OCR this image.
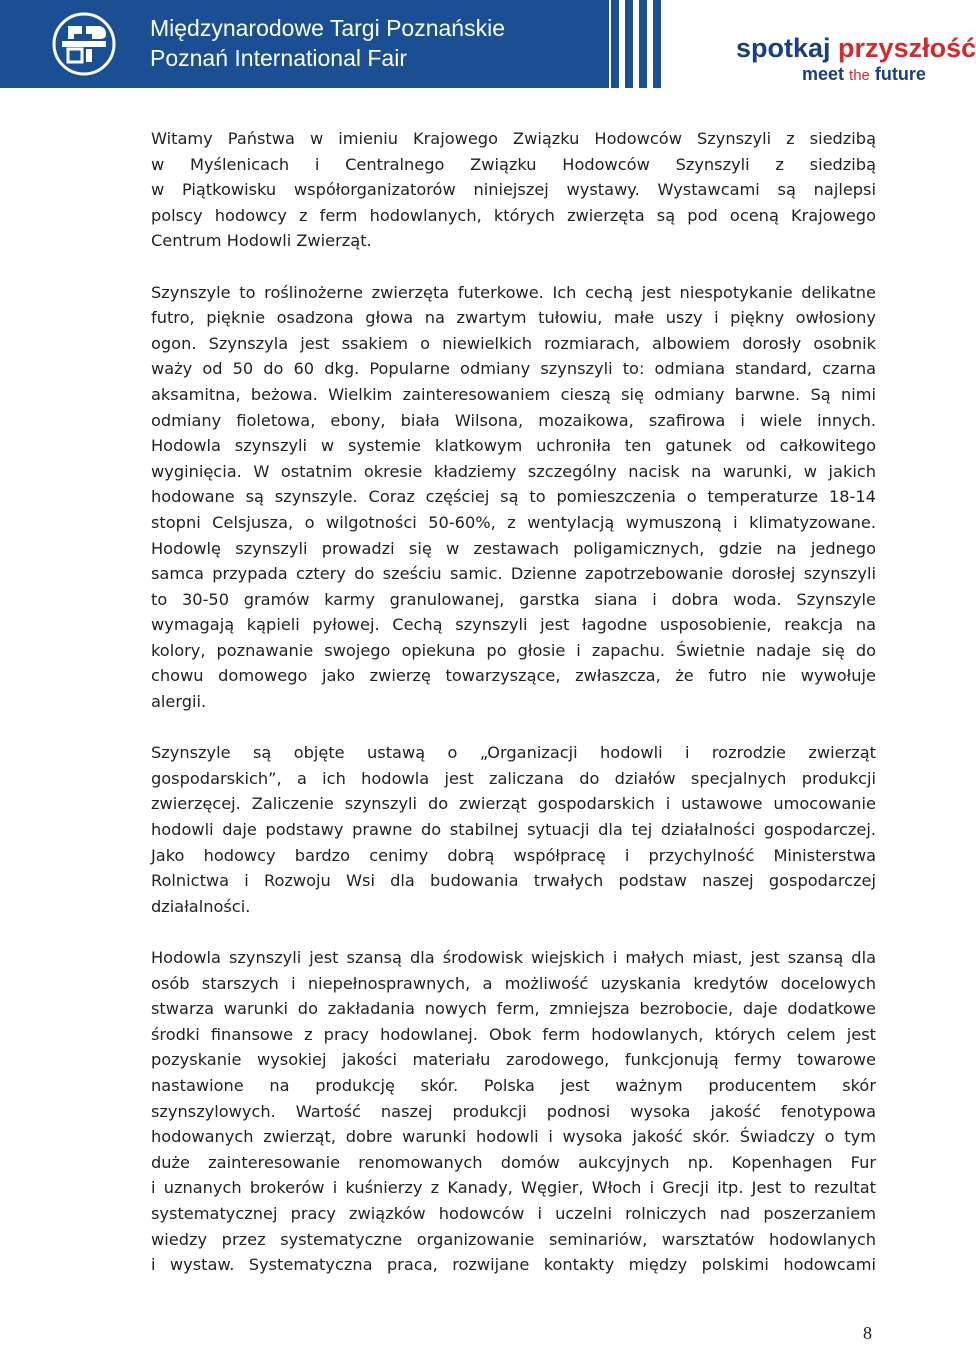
Międzynarodowe Targi Poznańskie
Poznań International Fair	spotkaj przyszłość
meet the future

Witamy Państwa w imieniu Krajowego Związku Hodowców Szynszyli z siedzibą
w Myślenicach i Centralnego Związku Hodowców Szynszyli z siedzibą
w Piątkowisku współorganizatorów niniejszej wystawy. Wystawcami są najlepsi
polscy hodowcy z ferm hodowlanych, których zwierzęta są pod oceną Krajowego
Centrum Hodowli Zwierząt.

Szynszyle to roślinożerne zwierzęta futerkowe. Ich cechą jest niespotykanie delikatne
futro, pięknie osadzona głowa na zwartym tułowiu, małe uszy i piękny owłosiony
ogon. Szynszyla jest ssakiem o niewielkich rozmiarach, albowiem dorosły osobnik
waży od 50 do 60 dkg. Popularne odmiany szynszyli to: odmiana standard, czarna
aksamitna, beżowa. Wielkim zainteresowaniem cieszą się odmiany barwne. Są nimi
odmiany fioletowa, ebony, biała Wilsona, mozaikowa, szafirowa i wiele innych.
Hodowla szynszyli w systemie klatkowym uchroniła ten gatunek od całkowitego
wyginięcia. W ostatnim okresie kładziemy szczególny nacisk na warunki, w jakich
hodowane są szynszyle. Coraz częściej są to pomieszczenia o temperaturze 18-14
stopni Celsjusza, o wilgotności 50-60%, z wentylacją wymuszoną i klimatyzowane.
Hodowlę szynszyli prowadzi się w zestawach poligamicznych, gdzie na jednego
samca przypada cztery do sześciu samic. Dzienne zapotrzebowanie dorosłej szynszyli
to 30-50 gramów karmy granulowanej, garstka siana i dobra woda. Szynszyle
wymagają kąpieli pyłowej. Cechą szynszyli jest łagodne usposobienie, reakcja na
kolory, poznawanie swojego opiekuna po głosie i zapachu. Świetnie nadaje się do
chowu domowego jako zwierzę towarzyszące, zwłaszcza, że futro nie wywołuje
alergii.

Szynszyle są objęte ustawą o „Organizacji hodowli i rozrodzie zwierząt
gospodarskich”, a ich hodowla jest zaliczana do działów specjalnych produkcji
zwierzęcej. Zaliczenie szynszyli do zwierząt gospodarskich i ustawowe umocowanie
hodowli daje podstawy prawne do stabilnej sytuacji dla tej działalności gospodarczej.
Jako hodowcy bardzo cenimy dobrą współpracę i przychylność Ministerstwa
Rolnictwa i Rozwoju Wsi dla budowania trwałych podstaw naszej gospodarczej
działalności.

Hodowla szynszyli jest szansą dla środowisk wiejskich i małych miast, jest szansą dla
osób starszych i niepełnosprawnych, a możliwość uzyskania kredytów docelowych
stwarza warunki do zakładania nowych ferm, zmniejsza bezrobocie, daje dodatkowe
środki finansowe z pracy hodowlanej. Obok ferm hodowlanych, których celem jest
pozyskanie wysokiej jakości materiału zarodowego, funkcjonują fermy towarowe
nastawione na produkcję skór. Polska jest ważnym producentem skór
szynszylowych. Wartość naszej produkcji podnosi wysoka jakość fenotypowa
hodowanych zwierząt, dobre warunki hodowli i wysoka jakość skór. Świadczy o tym
duże zainteresowanie renomowanych domów aukcyjnych np. Kopenhagen Fur
i uznanych brokerów i kuśnierzy z Kanady, Węgier, Włoch i Grecji itp. Jest to rezultat
systematycznej pracy związków hodowców i uczelni rolniczych nad poszerzaniem
wiedzy przez systematyczne organizowanie seminariów, warsztatów hodowlanych
i wystaw. Systematyczna praca, rozwijane kontakty między polskimi hodowcami

8
